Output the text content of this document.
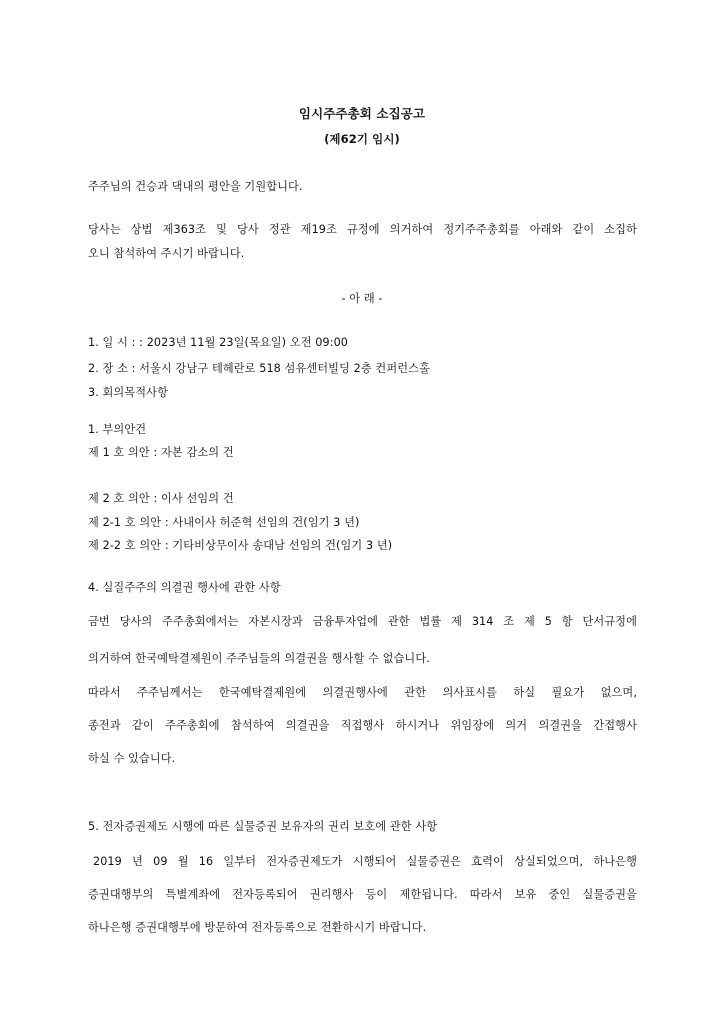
임시주주총회 소집공고
(제62기 임시)
주주님의 건승과 댁내의 평안을 기원합니다.
당사는 상법 제363조 및 당사 정관 제19조 규정에 의거하여 정기주주총회를 아래와 같이 소집하
오니 참석하여 주시기 바랍니다.
- 아 래 -
1. 일 시 : : 2023년 11월 23일(목요일) 오전 09:00
2. 장 소 : 서울시 강남구 테헤란로 518 섬유센터빌딩 2층 컨퍼런스홀
3. 회의목적사항
1. 부의안건
제 1 호 의안 : 자본 감소의 건
제 2 호 의안 : 이사 선임의 건
제 2-1 호 의안 : 사내이사 허준혁 선임의 건(임기 3 년)
제 2-2 호 의안 : 기타비상무이사 송대남 선임의 건(임기 3 년)
4. 실질주주의 의결권 행사에 관한 사항
금번 당사의 주주총회에서는 자본시장과 금융투자업에 관한 법률 제 314 조 제 5 항 단서규정에
의거하여 한국예탁결제원이 주주님들의 의결권을 행사할 수 없습니다.
따라서 주주님께서는 한국예탁결제원에 의결권행사에 관한 의사표시를 하실 필요가 없으며,
종전과 같이 주주총회에 참석하여 의결권을 직접행사 하시거나 위임장에 의거 의결권을 간접행사
하실 수 있습니다.
5. 전자증권제도 시행에 따른 실물증권 보유자의 권리 보호에 관한 사항
2019 년 09 월 16 일부터 전자증권제도가 시행되어 실물증권은 효력이 상실되었으며, 하나은행
증권대행부의 특별계좌에 전자등록되어 권리행사 등이 제한됩니다. 따라서 보유 중인 실물증권을
하나은행 증권대행부에 방문하여 전자등록으로 전환하시기 바랍니다.
